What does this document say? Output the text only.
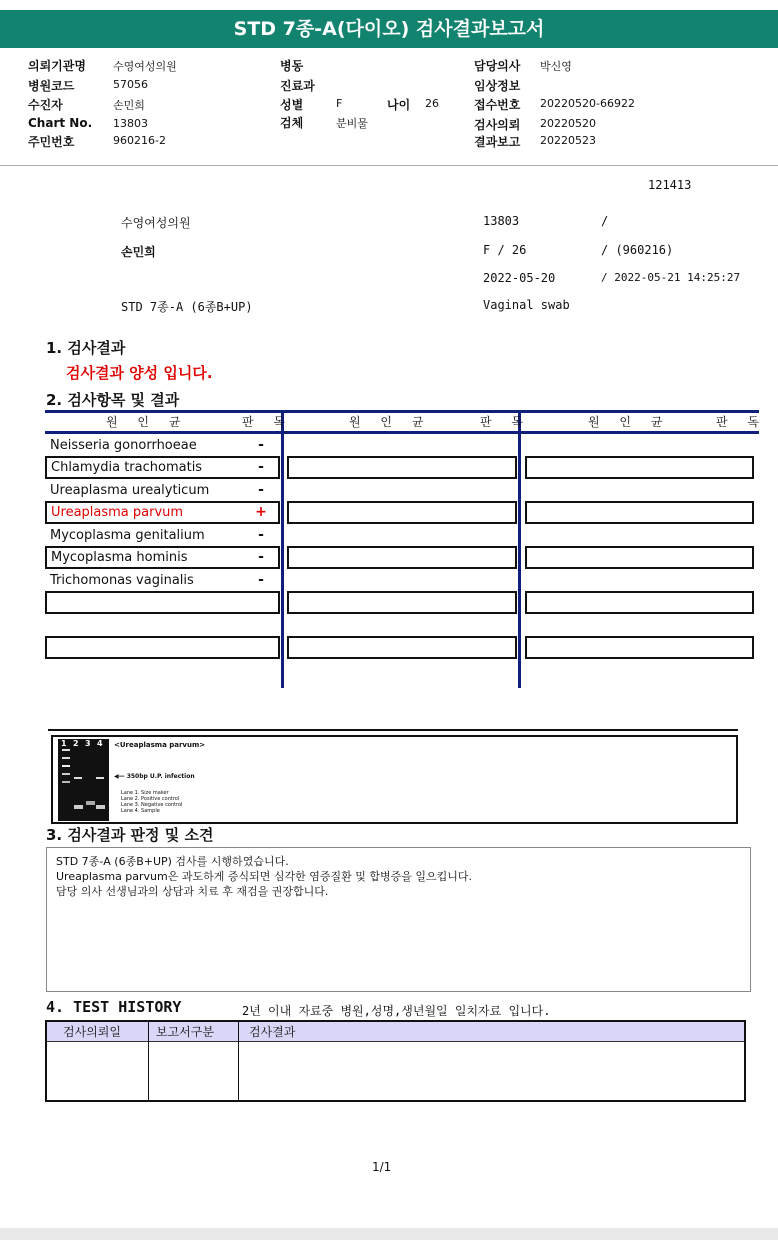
STD 7종-A(다이오) 검사결과보고서
의뢰기관명 수영여성의원
병원코드	57056
수진자	손민희
Chart No. 13803
주민번호	960216-2
병동
진료과
성별	F	나이 26
검체	분비물
담당의사 박신영
임상정보
접수번호 20220520-66922
검사의뢰 20220520
결과보고 20220523
121413
수영여성의원	13803	/
손민희	F / 26	/ (960216)
2022-05-20	/ 2022-05-21 14:25:27
STD 7종-A (6종B+UP)	Vaginal swab
1. 검사결과
검사결과 양성 입니다.
2. 검사항목 및 결과
원 인 균	판 독	원 인 균	판 독	원 인 균	판 독
Neisseria gonorrhoeae	-
Chlamydia trachomatis	-
Ureaplasma urealyticum	-
Ureaplasma parvum	+
Mycoplasma genitalium	-
Mycoplasma hominis	-
Trichomonas vaginalis	-
1 2 3 4 <Ureaplasma parvum>
◀— 350bp U.P. infection
Lane 1. Size maker
Lane 2. Positive control
Lane 3. Negative control
Lane 4. Sample
3. 검사결과 판정 및 소견
STD 7종-A (6종B+UP) 검사를 시행하였습니다.
Ureaplasma parvum은 과도하게 증식되면 심각한 염증질환 및 합병증을 일으킵니다.
담당 의사 선생님과의 상담과 치료 후 재검을 권장합니다.
4. TEST HISTORY	2년 이내 자료중 병원,성명,생년월일 일치자료 입니다.
검사의뢰일	보고서구분	검사결과
1/1
